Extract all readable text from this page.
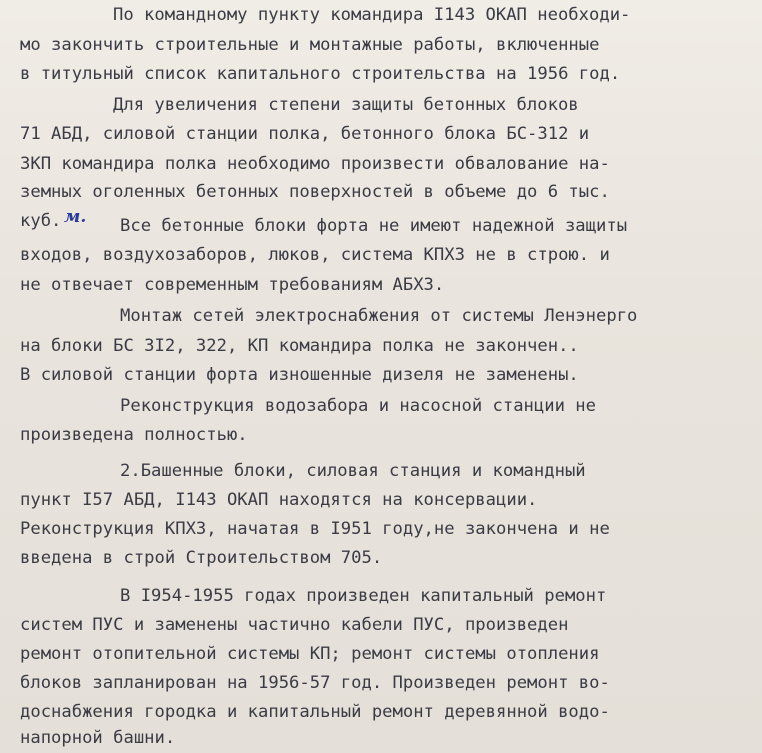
По командному пункту командира I143 ОКАП необходи-
мо закончить строительные и монтажные работы, включенные
в титульный список капитального строительства на 1956 год.
Для увеличения степени защиты бетонных блоков
71 АБД, силовой станции полка, бетонного блока БС-312 и
ЗКП командира полка необходимо произвести обвалование на-
земных оголенных бетонных поверхностей в объеме до 6 тыс.
куб. м. Все бетонные блоки форта не имеют надежной защиты
входов, воздухозаборов, люков, система КПХЗ не в строю. и
не отвечает современным требованиям АБХЗ.
Монтаж сетей электроснабжения от системы Ленэнерго
на блоки БС 3I2, 322, КП командира полка не закончен..
В силовой станции форта изношенные дизеля не заменены.
Реконструкция водозабора и насосной станции не
произведена полностью.
2.Башенные блоки, силовая станция и командный
пункт I57 АБД, I143 ОКАП находятся на консервации.
Реконструкция КПХЗ, начатая в I951 году,не закончена и не
введена в строй Строительством 705.
В I954-1955 годах произведен капитальный ремонт
систем ПУС и заменены частично кабели ПУС, произведен
ремонт отопительной системы КП; ремонт системы отопления
блоков запланирован на 1956-57 год. Произведен ремонт во-
доснабжения городка и капитальный ремонт деревянной водо-
напорной башни.
